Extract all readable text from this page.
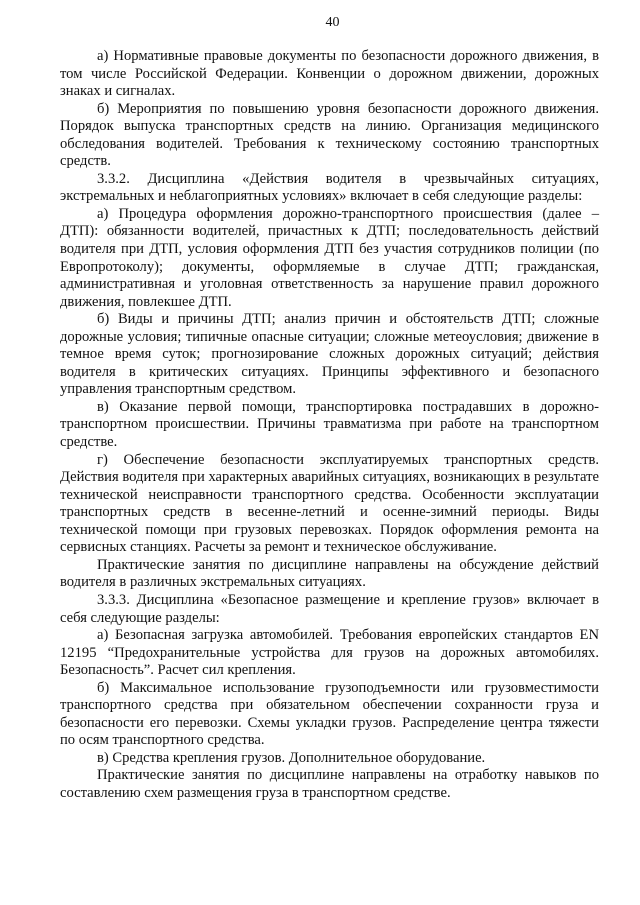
40

а) Нормативные правовые документы по безопасности дорожного движения, в том числе Российской Федерации. Конвенции о дорожном движении, дорожных знаках и сигналах.

б) Мероприятия по повышению уровня безопасности дорожного движения. Порядок выпуска транспортных средств на линию. Организация медицинского обследования водителей. Требования к техническому состоянию транспортных средств.

3.3.2. Дисциплина «Действия водителя в чрезвычайных ситуациях, экстремальных и неблагоприятных условиях» включает в себя следующие разделы:

а) Процедура оформления дорожно-транспортного происшествия (далее – ДТП): обязанности водителей, причастных к ДТП; последовательность действий водителя при ДТП, условия оформления ДТП без участия сотрудников полиции (по Европротоколу); документы, оформляемые в случае ДТП; гражданская, административная и уголовная ответственность за нарушение правил дорожного движения, повлекшее ДТП.

б) Виды и причины ДТП; анализ причин и обстоятельств ДТП; сложные дорожные условия; типичные опасные ситуации; сложные метеоусловия; движение в темное время суток; прогнозирование сложных дорожных ситуаций; действия водителя в критических ситуациях. Принципы эффективного и безопасного управления транспортным средством.

в) Оказание первой помощи, транспортировка пострадавших в дорожно-транспортном происшествии. Причины травматизма при работе на транспортном средстве.

г) Обеспечение безопасности эксплуатируемых транспортных средств. Действия водителя при характерных аварийных ситуациях, возникающих в результате технической неисправности транспортного средства. Особенности эксплуатации транспортных средств в весенне-летний и осенне-зимний периоды. Виды технической помощи при грузовых перевозках. Порядок оформления ремонта на сервисных станциях. Расчеты за ремонт и техническое обслуживание.

Практические занятия по дисциплине направлены на обсуждение действий водителя в различных экстремальных ситуациях.

3.3.3. Дисциплина «Безопасное размещение и крепление грузов» включает в себя следующие разделы:

а) Безопасная загрузка автомобилей. Требования европейских стандартов EN 12195 “Предохранительные устройства для грузов на дорожных автомобилях. Безопасность”. Расчет сил крепления.

б) Максимальное использование грузоподъемности или грузовместимости транспортного средства при обязательном обеспечении сохранности груза и безопасности его перевозки. Схемы укладки грузов. Распределение центра тяжести по осям транспортного средства.

в) Средства крепления грузов. Дополнительное оборудование.

Практические занятия по дисциплине направлены на отработку навыков по составлению схем размещения груза в транспортном средстве.
